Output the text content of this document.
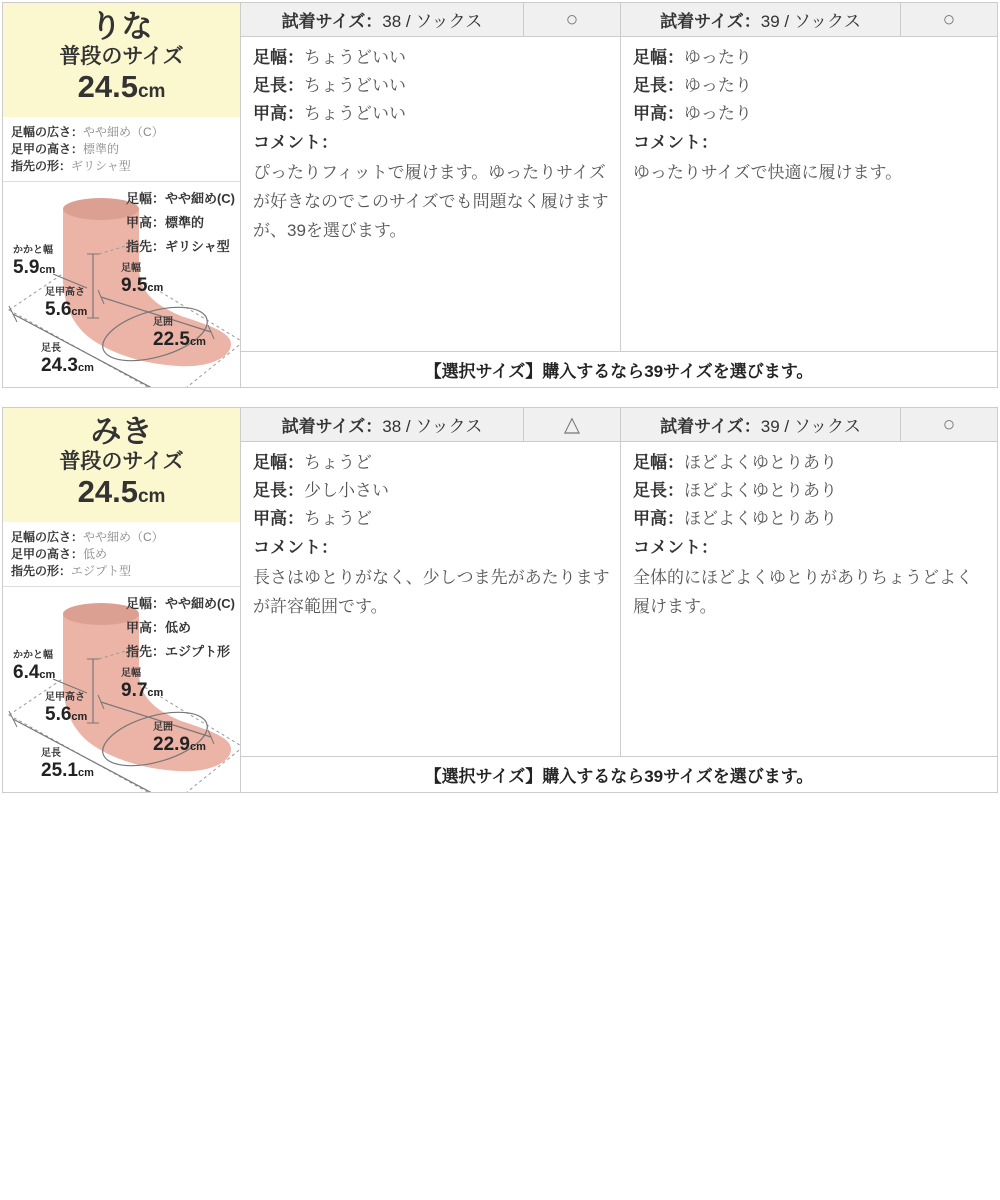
りな
普段のサイズ
24.5cm
足幅の広さ：やや細め（C）
足甲の高さ：標準的
指先の形：ギリシャ型
足幅：やや細め(C)
甲高：標準的
指先：ギリシャ型
かかと幅
5.9cm
足甲高さ
5.6cm
足幅
9.5cm
足囲
22.5cm
足長
24.3cm
試着サイズ： 38 / ソックス	○
足幅：ちょうどいい
足長：ちょうどいい
甲高：ちょうどいい
コメント：
ぴったりフィットで履けます。ゆったりサイズが好きなのでこのサイズでも問題なく履けますが、39を選びます。
試着サイズ： 39 / ソックス	○
足幅：ゆったり
足長：ゆったり
甲高：ゆったり
コメント：
ゆったりサイズで快適に履けます。
【選択サイズ】購入するなら39サイズを選びます。
みき
普段のサイズ
24.5cm
足幅の広さ：やや細め（C）
足甲の高さ：低め
指先の形：エジプト型
足幅：やや細め(C)
甲高：低め
指先：エジプト形
かかと幅
6.4cm
足甲高さ
5.6cm
足幅
9.7cm
足囲
22.9cm
足長
25.1cm
試着サイズ： 38 / ソックス	△
足幅：ちょうど
足長：少し小さい
甲高：ちょうど
コメント：
長さはゆとりがなく、少しつま先があたりますが許容範囲です。
試着サイズ： 39 / ソックス	○
足幅：ほどよくゆとりあり
足長：ほどよくゆとりあり
甲高：ほどよくゆとりあり
コメント：
全体的にほどよくゆとりがありちょうどよく履けます。
【選択サイズ】購入するなら39サイズを選びます。
